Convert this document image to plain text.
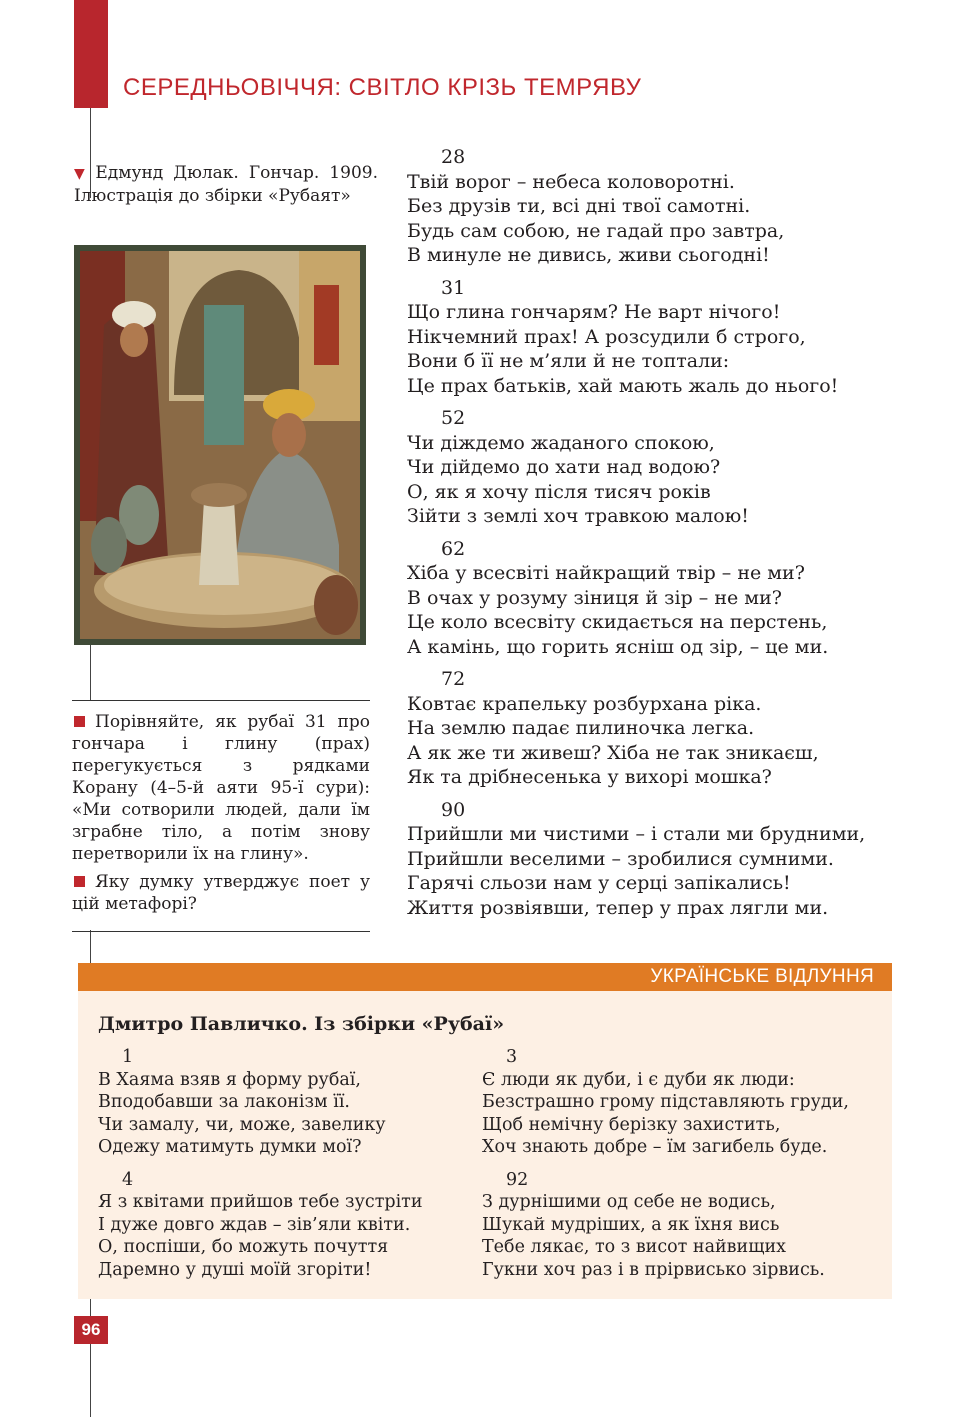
СЕРЕДНЬОВІЧЧЯ: СВІТЛО КРІЗЬ ТЕМРЯВУ
▼ Едмунд Дюлак. Гончар. 1909. Ілюстрація до збірки «Рубаят»

Порівняйте, як рубаї 31 про гончара і глину (прах) перегукується з рядками Корану (4–5-й аяти 95-ї сури): «Ми сотворили людей, дали їм зграбне тіло, а потім знову перетворили їх на глину».

Яку думку утверджує поет у цій метафорі?

28
Твій ворог – небеса коловоротні.
Без друзів ти, всі дні твої самотні.
Будь сам собою, не гадай про завтра,
В минуле не дивись, живи сьогодні!
31
Що глина гончарям? Не варт нічого!
Нікчемний прах! А розсудили б строго,
Вони б її не м’яли й не топтали:
Це прах батьків, хай мають жаль до нього!
52
Чи діждемо жаданого спокою,
Чи дійдемо до хати над водою?
О, як я хочу після тисяч років
Зійти з землі хоч травкою малою!
62
Хіба у всесвіті найкращий твір – не ми?
В очах у розуму зіниця й зір – не ми?
Це коло всесвіту скидається на перстень,
А камінь, що горить ясніш од зір, – це ми.
72
Ковтає крапельку розбурхана ріка.
На землю падає пилиночка легка.
А як же ти живеш? Хіба не так зникаєш,
Як та дрібнесенька у вихорі мошка?
90
Прийшли ми чистими – і стали ми брудними,
Прийшли веселими – зробилися сумними.
Гарячі сльози нам у серці запікались!
Життя розвіявши, тепер у прах лягли ми.
УКРАЇНСЬКЕ ВІДЛУННЯ
Дмитро Павличко. Із збірки «Рубаї»
1
В Хаяма взяв я форму рубаї,
Вподобавши за лаконізм її.
Чи замалу, чи, може, завелику
Одежу матимуть думки мої?
4
Я з квітами прийшов тебе зустріти
І дуже довго ждав – зів’яли квіти.
О, поспіши, бо можуть почуття
Даремно у душі моїй згоріти!
3
Є люди як дуби, і є дуби як люди:
Безстрашно грому підставляють груди,
Щоб немічну берізку захистить,
Хоч знають добре – їм загибель буде.
92
З дурнішими од себе не водись,
Шукай мудріших, а як їхня вись
Тебе лякає, то з висот найвищих
Гукни хоч раз і в прірвисько зірвись.
96
